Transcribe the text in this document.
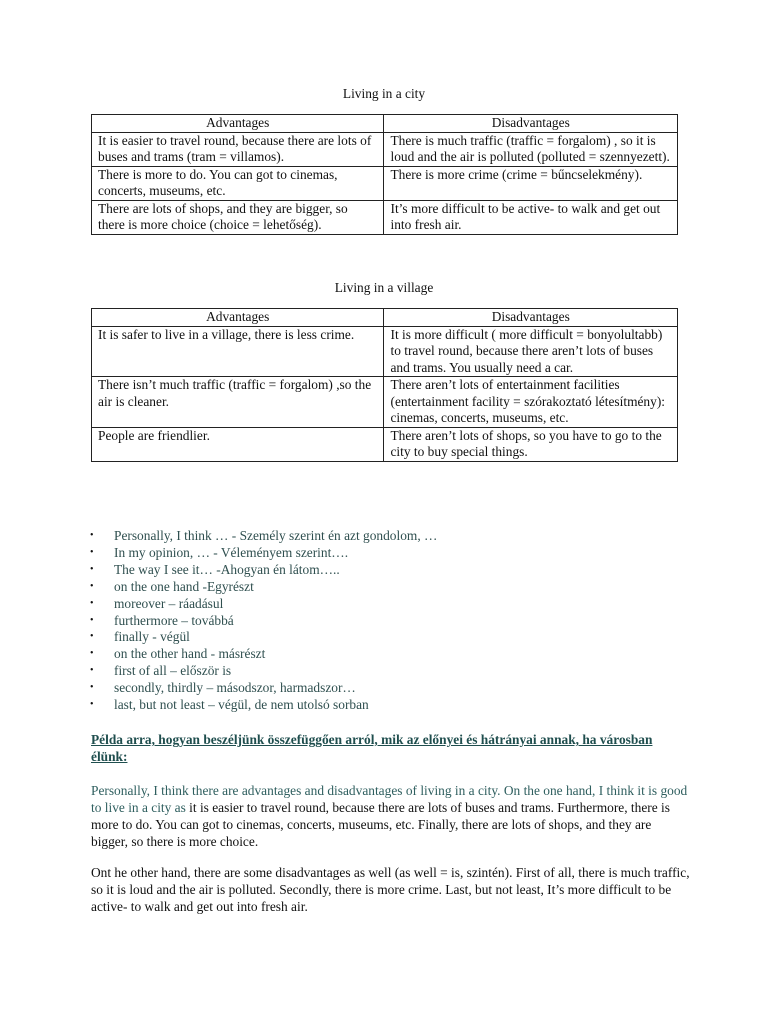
Living in a city
Advantages	Disadvantages
It is easier to travel round, because there are lots of buses and trams (tram = villamos).	There is much traffic (traffic = forgalom) , so it is loud and the air is polluted (polluted = szennyezett).
There is more to do. You can got to cinemas, concerts, museums, etc.	There is more crime (crime = bűncselekmény).
There are lots of shops, and they are bigger, so there is more choice (choice = lehetőség).	It’s more difficult to be active- to walk and get out into fresh air.
Living in a village
Advantages	Disadvantages
It is safer to live in a village, there is less crime.	It is more difficult ( more difficult = bonyolultabb) to travel round, because there aren’t lots of buses and trams. You usually need a car.
There isn’t much traffic (traffic = forgalom) ,so the air is cleaner.	There aren’t lots of entertainment facilities (entertainment facility = szórakoztató létesítmény): cinemas, concerts, museums, etc.
People are friendlier.	There aren’t lots of shops, so you have to go to the city to buy special things.
• Personally, I think … - Személy szerint én azt gondolom, …
• In my opinion, … - Véleményem szerint….
• The way I see it… -Ahogyan én látom…..
• on the one hand -Egyrészt
• moreover – ráadásul
• furthermore – továbbá
• finally - végül
• on the other hand - másrészt
• first of all – először is
• secondly, thirdly – másodszor, harmadszor…
• last, but not least – végül, de nem utolsó sorban
Példa arra, hogyan beszéljünk összefüggően arról, mik az előnyei és hátrányai annak, ha városban élünk:
Personally, I think there are advantages and disadvantages of living in a city. On the one hand, I think it is good to live in a city as it is easier to travel round, because there are lots of buses and trams. Furthermore, there is more to do. You can got to cinemas, concerts, museums, etc. Finally, there are lots of shops, and they are bigger, so there is more choice.
Ont he other hand, there are some disadvantages as well (as well = is, szintén). First of all, there is much traffic, so it is loud and the air is polluted. Secondly, there is more crime. Last, but not least, It’s more difficult to be active- to walk and get out into fresh air.
